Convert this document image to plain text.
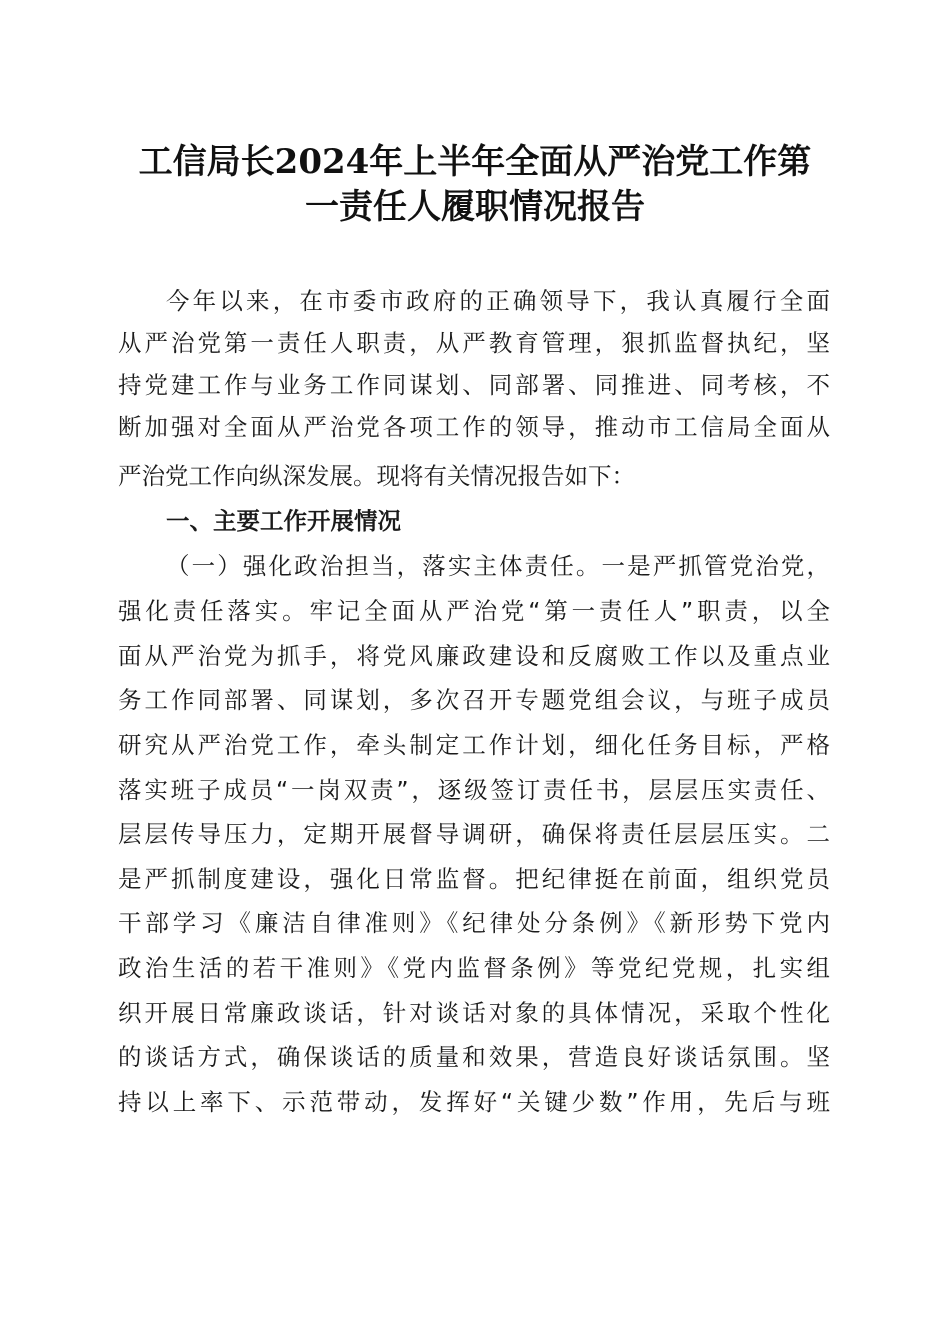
工信局长2024年上半年全面从严治党工作第
一责任人履职情况报告

今年以来，在市委市政府的正确领导下，我认真履行全面

从严治党第一责任人职责，从严教育管理，狠抓监督执纪，坚

持党建工作与业务工作同谋划、同部署、同推进、同考核，不

断加强对全面从严治党各项工作的领导，推动市工信局全面从

严治党工作向纵深发展。现将有关情况报告如下：

一、主要工作开展情况

（一）强化政治担当，落实主体责任。一是严抓管党治党，

强化责任落实。牢记全面从严治党“第一责任人”职责，以全

面从严治党为抓手，将党风廉政建设和反腐败工作以及重点业

务工作同部署、同谋划，多次召开专题党组会议，与班子成员

研究从严治党工作，牵头制定工作计划，细化任务目标，严格

落实班子成员“一岗双责”，逐级签订责任书，层层压实责任、

层层传导压力，定期开展督导调研，确保将责任层层压实。二

是严抓制度建设，强化日常监督。把纪律挺在前面，组织党员

干部学习《廉洁自律准则》《纪律处分条例》《新形势下党内

政治生活的若干准则》《党内监督条例》等党纪党规，扎实组

织开展日常廉政谈话，针对谈话对象的具体情况，采取个性化

的谈话方式，确保谈话的质量和效果，营造良好谈话氛围。坚

持以上率下、示范带动，发挥好“关键少数”作用，先后与班
